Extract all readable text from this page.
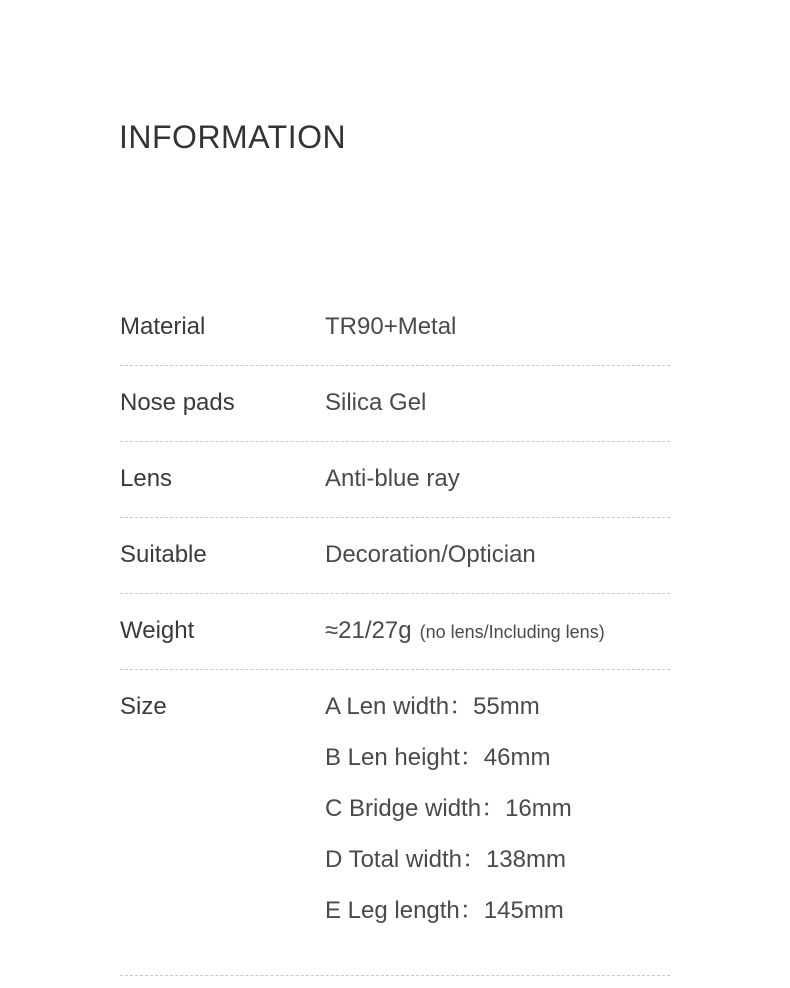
INFORMATION
Material	TR90+Metal
Nose pads	Silica Gel
Lens	Anti-blue ray
Suitable	Decoration/Optician
Weight	≈21/27g (no lens/Including lens)
Size	A Len width：55mm
B Len height：46mm
C Bridge width：16mm
D Total width：138mm
E Leg length：145mm
